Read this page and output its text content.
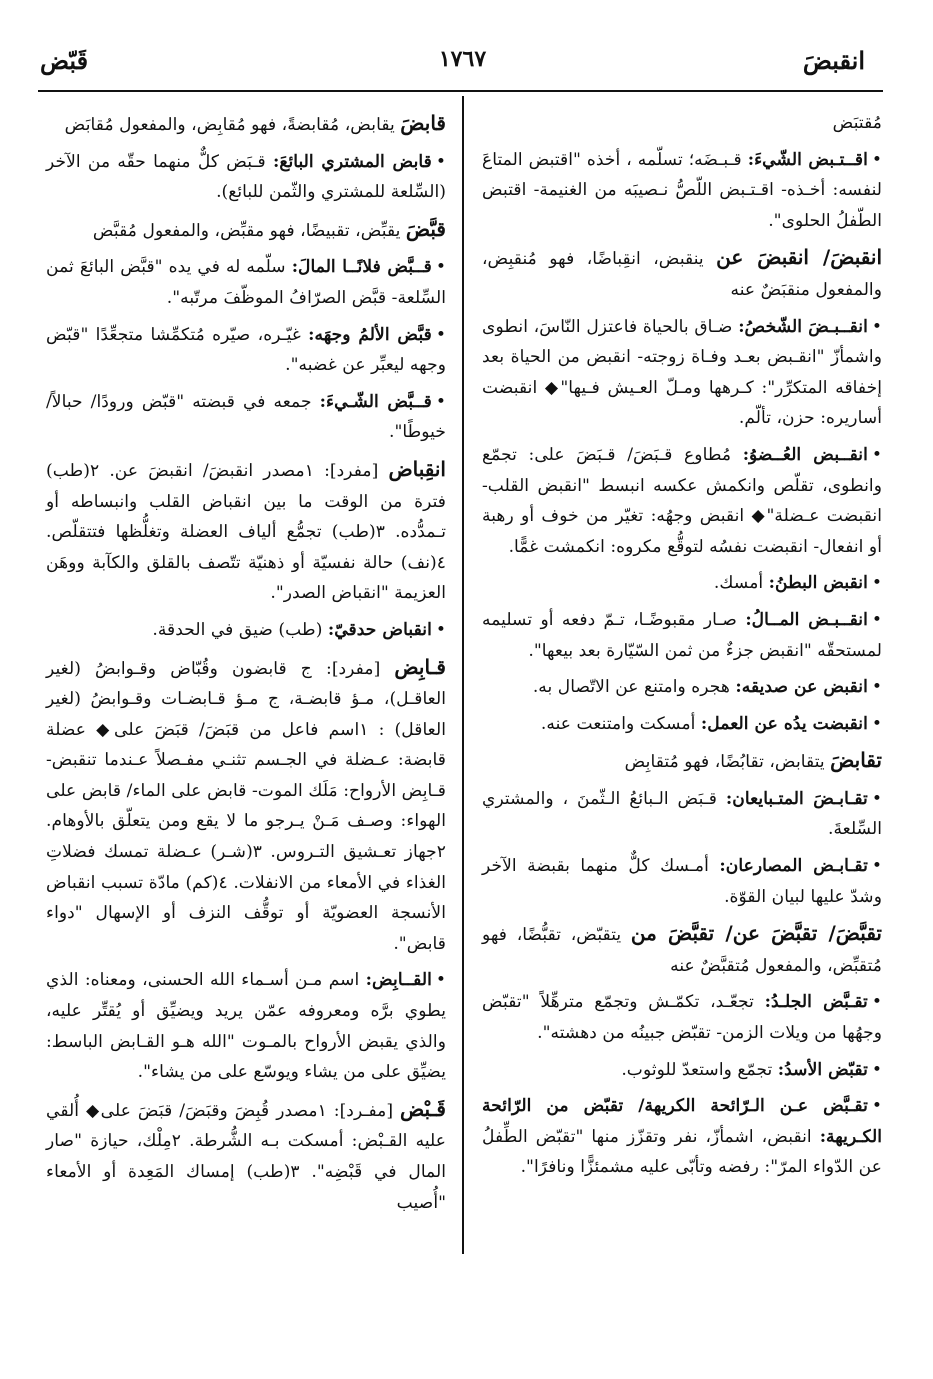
انقبضَ
١٧٦٧
قَبّض

مُقتبَض

•اقــتـبض الشّيءَ: قـبـضَه؛ تسلّمه ، أخذه "اقتبض المتاعَ لنفسه: أخـذه- اقـتـبض اللّصُّ نـصيبَه من الغنيمة- اقتبض الطّفلُ الحلوى".

انقبضَ/ انقبضَ عن ينقبض، انقِباضًا، فهو مُنقبِض، والمفعول منقبَضٌ عنه

•انقــبـضَ الشّخصُ: ضـاق بالحياة فاعتزل النّاسَ، انطوى واشمأزّ "انقـبض بعـد وفـاة زوجته- انقبض من الحياة بعد إخفاقه المتكرِّر": كـرهها ومـلّ العـيش فـيها"◆ انقبضت أساريره: حزن، تألّم.

•انقــبض العُــضوُ: مُطاوع قـبَضَ/ قـبَضَ على: تجمّع وانطوى، تقلّص وانكمش عكسه انبسط "انقبض القلب- انقبضت عـضلة"◆ انقبض وجهُه: تغيّر من خوف أو رهبة أو انفعال- انقبضت نفسُه لتوقُّع مكروه: انكمشت غمًّا.

•انقبض البطنُ: أمسك.

•انقــبـض المــالُ: صـار مقبوضًـا، تـمّ دفعه أو تسليمه لمستحقّه "انقبض جزءٌ من ثمن السّيّارة بعد بيعها".

•انقبض عن صديقه: هجره وامتنع عن الاتّصال به.

•انقبضت يدُه عن العمل: أمسكت وامتنعت عنه.

تقابضَ يتقابض، تقابُضًا، فهو مُتقابِض

•تقـابـضَ المتـبايعان: قـبَض الـبائعُ الـثّمنَ ، والمشتري السِّلعةَ.

•تقـابـض المصارعان: أمـسك كلٌّ منهما بقبضة الآخر وشدّ عليها لبيان القوّة.

تقبَّضَ/ تقبَّضَ عن/ تقبَّضَ من يتقبّض، تقبُّضًا، فهو مُتقبِّض، والمفعول مُتقبَّضٌ عنه

•تقـبَّض الجلـدُ: تجعّـد، تكمّـش وتجمّع مترهِّلاً "تقبّض وجهُها من ويلات الزمن- تقبّض جبينُه من دهشته".

•تقبّض الأسدُ: تجمّع واستعدّ للوثوب.

•تقـبَّض عـن الـرّائحة الكريهة/ تقبّض من الرّائحة الكـريهة: انقبض، اشمأزّ، نفر وتقزّز منها "تقبّض الطِّفلُ عن الدّواء المرّ": رفضه وتأبّى عليه مشمئزًّا ونافرًا".

قابضَ يقابض، مُقابضةً، فهو مُقابِض، والمفعول مُقابَض

•قابض المشتري البائعَ: قـبَض كلٌّ منهما حقّه من الآخر (السِّلعة للمشتري والثّمن للبائع).

قبَّضَ يقبِّض، تقبيضًا، فهو مقبِّض، والمفعول مُقبَّض

•قــبَّض فلانًــا المالَ: سلّمه له في يده "قبَّض البائعَ ثمن السِّلعة- قبَّض الصرّافُ الموظّفَ مرتّبه".

•قبَّض الألمُ وجهَه: غيّـره، صيّره مُتكمِّشا متجعِّدًا "قبّض وجهه ليعبِّر عن غضبه".

•قــبَّض الشّـيءَ: جمعه في قبضته "قبّض ورودًا/ حبالاً/ خيوطًا".

انقِباض [مفرد]: ١مصدر انقبضَ/ انقبضَ عن. ٢(طب) فترة من الوقت ما بين انقباض القلب وانبساطه أو تـمدُّده. ٣(طب) تجمُّع ألياف العضلة وتغلُّظها فتتقلّص. ٤(نف) حالة نفسيّة أو ذهنيّة تتّصف بالقلق والكآبة ووهَن العزيمة "انقباض الصدر".

•انقباض حدقيّ: (طب) ضيق في الحدقة.

قـابِض [مفرد]: ج قابضون وقُبّاض وقـوابضُ (لغير العاقـل)، مـؤ قابضـة، ج مـؤ قـابضـات وقـوابضُ (لغير العاقل) : ١اسم فاعل من قبَضَ/ قبَضَ على◆ عضلة قابضة: عـضلة في الجـسم تثنـي مفـصلاً عـندما تنقبض- قـابِض الأرواح: مَلَك الموت- قابض على الماء/ قابض على الهواء: وصـف مَـنْ يـرجو ما لا يقع ومن يتعلّق بالأوهام. ٢جهاز تعـشيق التـروس. ٣(شـر) عـضلة تمسك فضلاتِ الغذاء في الأمعاء من الانفلات. ٤(كم) مادّة تسبب انقباض الأنسجة العضويّة أو توقُّف النزف أو الإسهال "دواء قابض".

•القــابِض: اسم مـن أسـماء الله الحسنى، ومعناه: الذي يطوي برَّه ومعروفه عمّن يريد ويضيِّق أو يُقتِّر عليه، والذي يقبض الأرواح بالمـوت "الله هـو القـابض الباسط: يضيِّق على من يشاء ويوسّع على من يشاء".

قَـبْض [مفـرد]: ١مصدر قُبِضَ وقبَضَ/ قبَضَ على◆ أُلقي عليه القـبْض: أمسكت بـه الشُّرطة. ٢مِلْك، حيازة "صار المال في قَبْضِه". ٣(طب) إمساك المَعِدة أو الأمعاء "أُصيب
